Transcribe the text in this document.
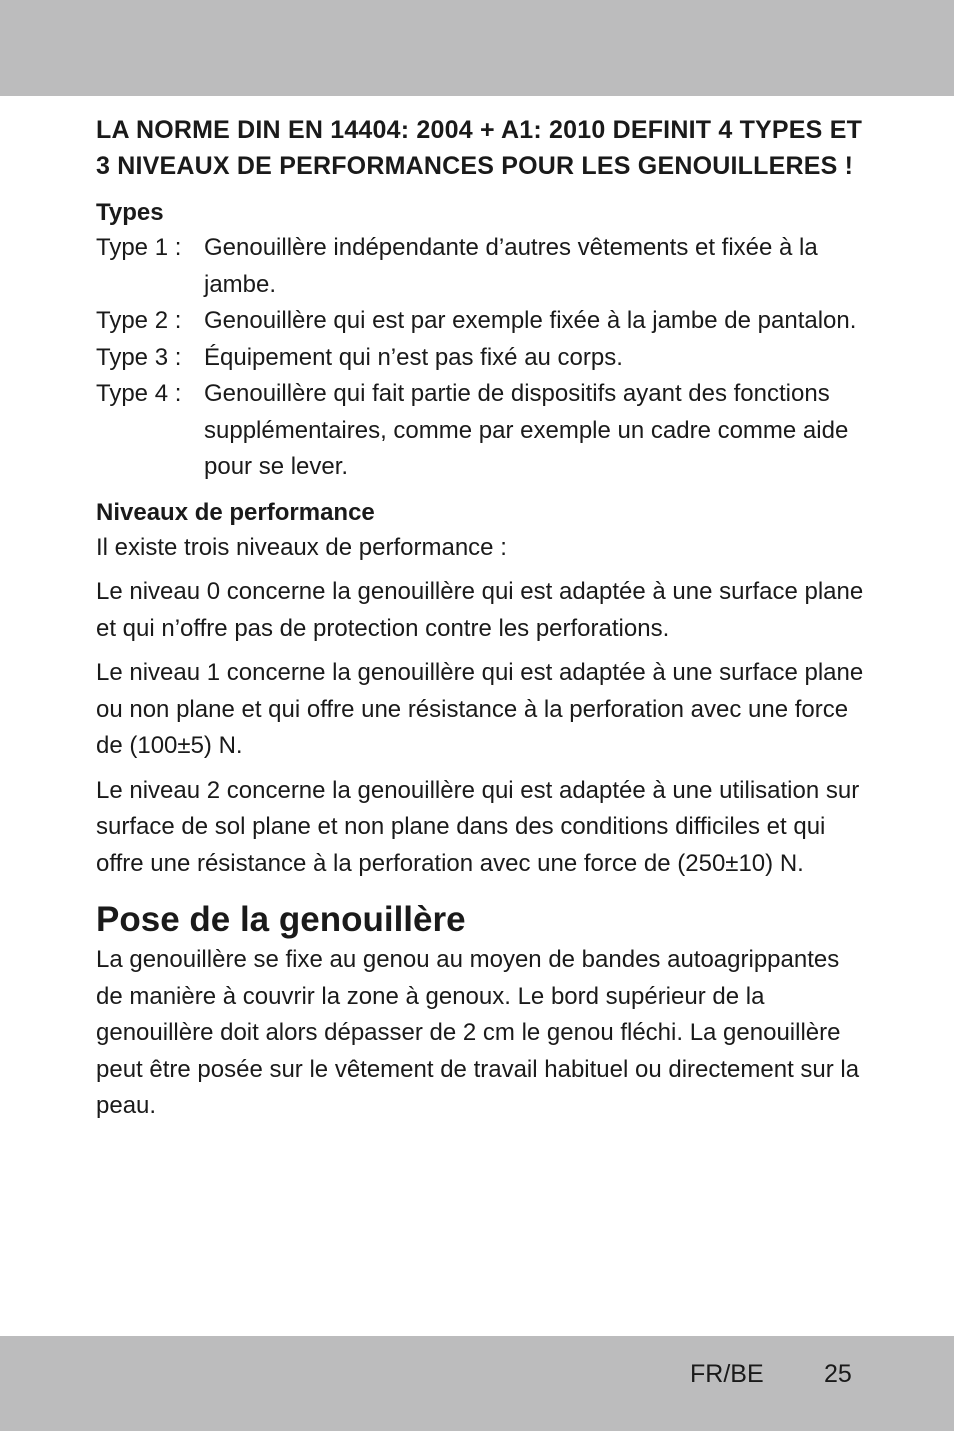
LA NORME DIN EN 14404: 2004 + A1: 2010 DEFINIT 4 TYPES ET 3 NIVEAUX DE PERFORMANCES POUR LES GENOUILLERES !
Types
Type 1 : Genouillère indépendante d’autres vêtements et fixée à la jambe.
Type 2 : Genouillère qui est par exemple fixée à la jambe de pantalon.
Type 3 : Équipement qui n’est pas fixé au corps.
Type 4 : Genouillère qui fait partie de dispositifs ayant des fonctions supplémentaires, comme par exemple un cadre comme aide pour se lever.
Niveaux de performance

Il existe trois niveaux de performance :

Le niveau 0 concerne la genouillère qui est adaptée à une surface plane et qui n’offre pas de protection contre les perforations.

Le niveau 1 concerne la genouillère qui est adaptée à une surface plane ou non plane et qui offre une résistance à la perforation avec une force de (100±5) N.

Le niveau 2 concerne la genouillère qui est adaptée à une utilisation sur surface de sol plane et non plane dans des conditions difficiles et qui offre une résistance à la perforation avec une force de (250±10) N.

Pose de la genouillère

La genouillère se fixe au genou au moyen de bandes autoagrippantes de manière à couvrir la zone à genoux. Le bord supérieur de la genouillère doit alors dépasser de 2 cm le genou fléchi. La genouillère peut être posée sur le vêtement de travail habituel ou directement sur la peau.

FR/BE	25
